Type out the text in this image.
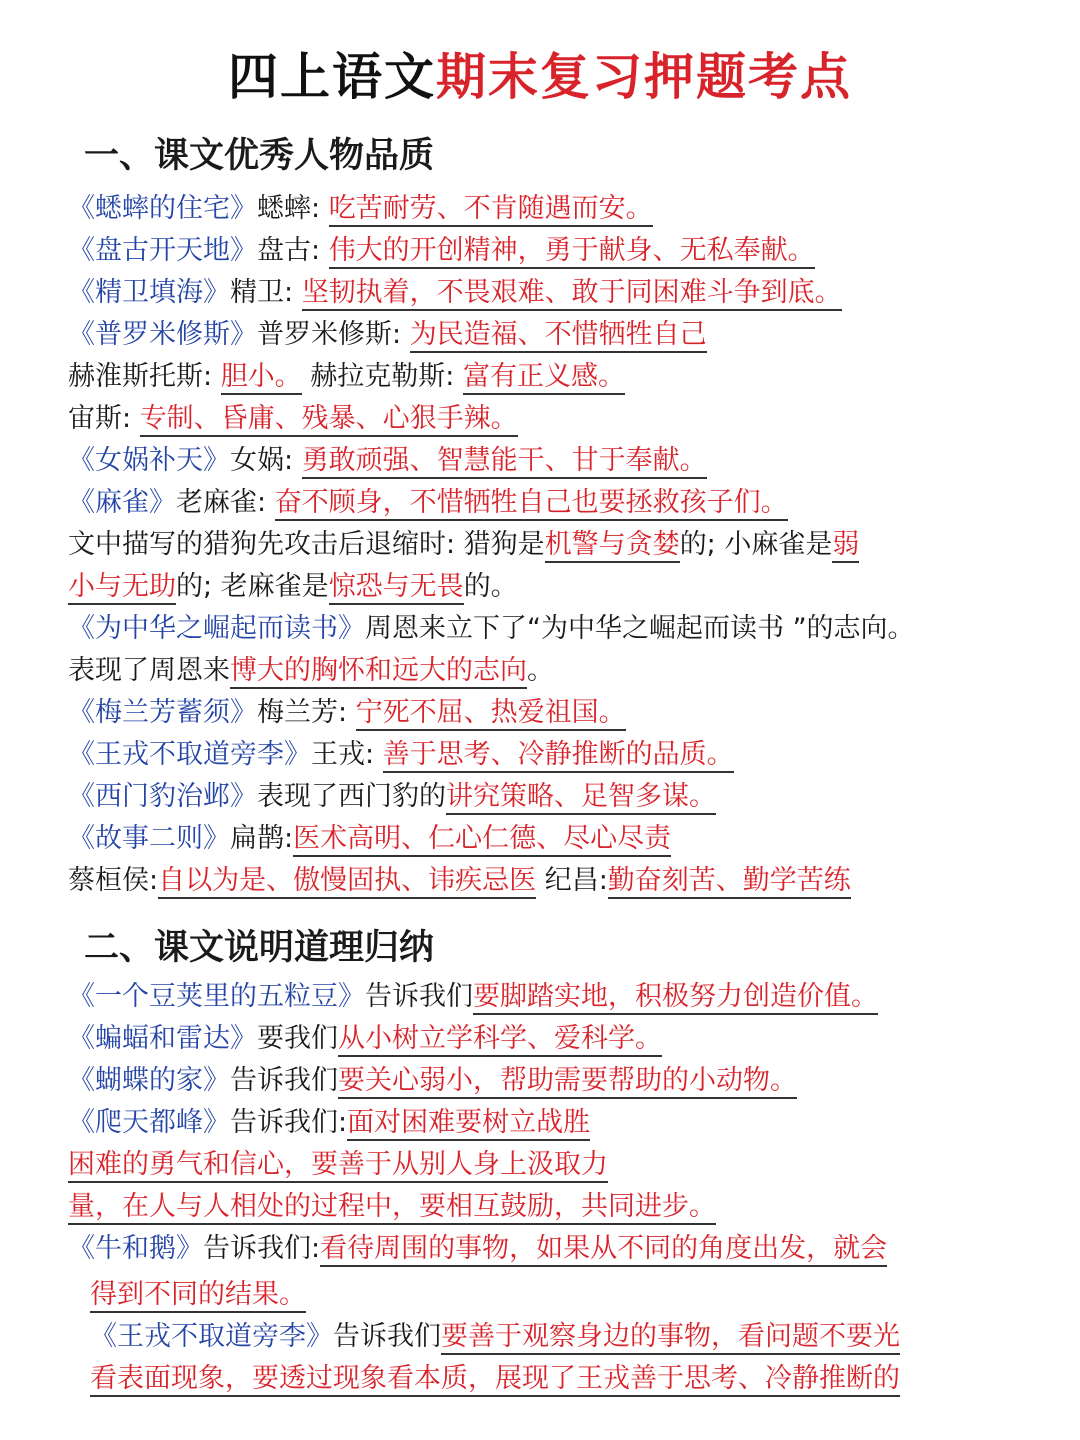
四上语文期末复习押题考点
一、课文优秀人物品质
二、课文说明道理归纳
《蟋蟀的住宅》蟋蟀: 吃苦耐劳、不肯随遇而安。
《盘古开天地》盘古: 伟大的开创精神，勇于献身、无私奉献。
《精卫填海》精卫: 坚韧执着，不畏艰难、敢于同困难斗争到底。
《普罗米修斯》普罗米修斯: 为民造福、不惜牺牲自己
赫淮斯托斯: 胆小。 赫拉克勒斯: 富有正义感。
宙斯: 专制、昏庸、残暴、心狠手辣。
《女娲补天》女娲: 勇敢顽强、智慧能干、甘于奉献。
《麻雀》老麻雀: 奋不顾身，不惜牺牲自己也要拯救孩子们。
文中描写的猎狗先攻击后退缩时: 猎狗是机警与贪婪的; 小麻雀是弱
小与无助的; 老麻雀是惊恐与无畏的。
《为中华之崛起而读书》周恩来立下了“为中华之崛起而读书 ”的志向。
表现了周恩来博大的胸怀和远大的志向。
《梅兰芳蓄须》梅兰芳: 宁死不屈、热爱祖国。
《王戎不取道旁李》王戎: 善于思考、冷静推断的品质。
《西门豹治邺》表现了西门豹的讲究策略、足智多谋。
《故事二则》扁鹊:医术高明、仁心仁德、尽心尽责
蔡桓侯:自以为是、傲慢固执、讳疾忌医 纪昌:勤奋刻苦、勤学苦练
《一个豆荚里的五粒豆》告诉我们要脚踏实地，积极努力创造价值。
《蝙蝠和雷达》要我们从小树立学科学、爱科学。
《蝴蝶的家》告诉我们要关心弱小，帮助需要帮助的小动物。
《爬天都峰》告诉我们:面对困难要树立战胜
困难的勇气和信心，要善于从别人身上汲取力
量，在人与人相处的过程中，要相互鼓励，共同进步。
《牛和鹅》告诉我们:看待周围的事物，如果从不同的角度出发，就会
得到不同的结果。
《王戎不取道旁李》告诉我们要善于观察身边的事物，看问题不要光
看表面现象，要透过现象看本质，展现了王戎善于思考、冷静推断的
